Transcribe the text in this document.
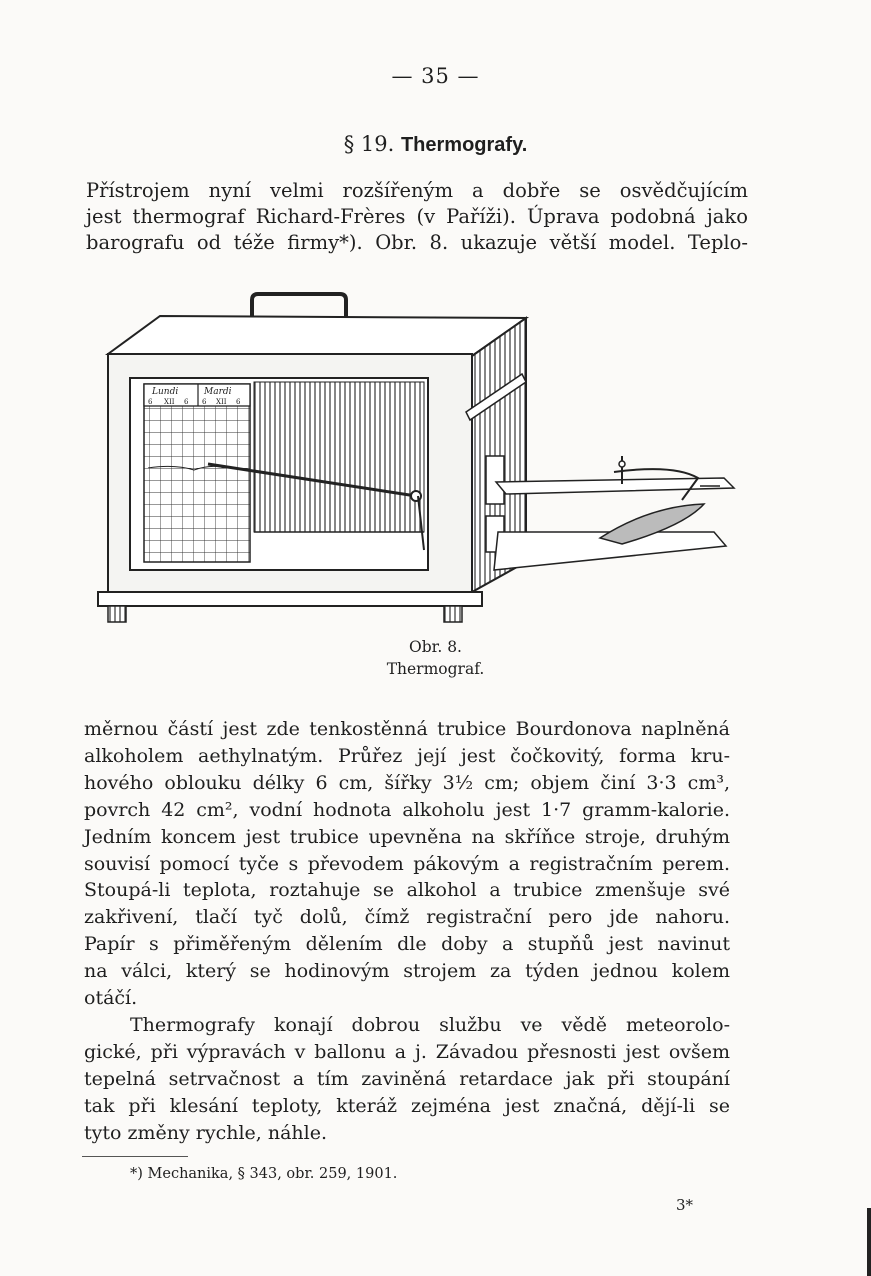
— 35 —
§ 19. Thermografy.
Přístrojem nyní velmi rozšířeným a dobře se osvědčujícím
jest thermograf Richard-Frères (v Paříži). Úprava podobná jako
barografu od téže firmy*). Obr. 8. ukazuje větší model. Teplo-
Lundi	Mardi
6 XII 6 6 XII 6
Obr. 8.
Thermograf.
měrnou částí jest zde tenkostěnná trubice Bourdonova naplněná
alkoholem aethylnatým. Průřez její jest čočkovitý, forma kru-
hového oblouku délky 6 cm, šířky 3½ cm; objem činí 3·3 cm³,
povrch 42 cm², vodní hodnota alkoholu jest 1·7 gramm-kalorie.
Jedním koncem jest trubice upevněna na skříňce stroje, druhým
souvisí pomocí tyče s převodem pákovým a registračním perem.
Stoupá-li teplota, roztahuje se alkohol a trubice zmenšuje své
zakřivení, tlačí tyč dolů, čímž registrační pero jde nahoru.
Papír s přiměřeným dělením dle doby a stupňů jest navinut
na válci, který se hodinovým strojem za týden jednou kolem
otáčí.
Thermografy konají dobrou službu ve vědě meteorolo-
gické, při výpravách v ballonu a j. Závadou přesnosti jest ovšem
tepelná setrvačnost a tím zaviněná retardace jak při stoupání
tak při klesání teploty, kteráž zejména jest značná, dějí-li se
tyto změny rychle, náhle.
*) Mechanika, § 343, obr. 259, 1901.
3*
